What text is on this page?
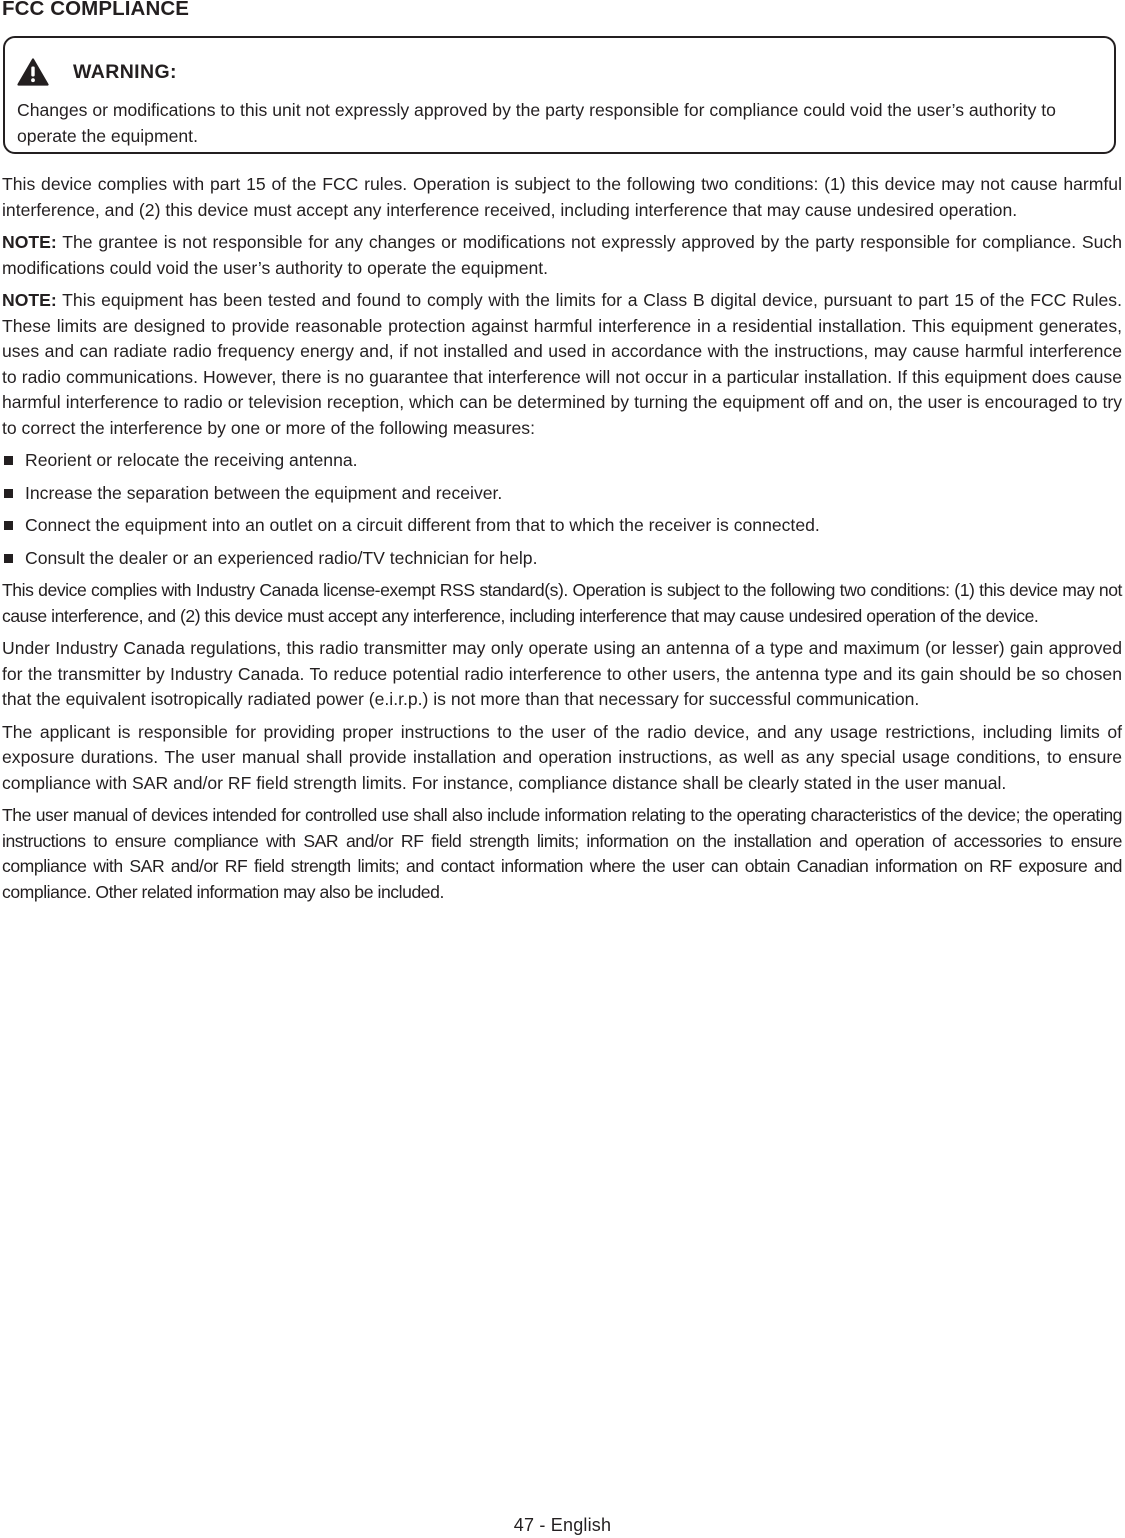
FCC COMPLIANCE
WARNING:

Changes or modifications to this unit not expressly approved by the party responsible for compliance could void the user’s authority to operate the equipment.

This device complies with part 15 of the FCC rules. Operation is subject to the following two conditions: (1) this device may not cause harmful interference, and (2) this device must accept any interference received, including interference that may cause undesired operation.

NOTE: The grantee is not responsible for any changes or modifications not expressly approved by the party responsible for compliance. Such modifications could void the user’s authority to operate the equipment.

NOTE: This equipment has been tested and found to comply with the limits for a Class B digital device, pursuant to part 15 of the FCC Rules. These limits are designed to provide reasonable protection against harmful interference in a residential installation. This equipment generates, uses and can radiate radio frequency energy and, if not installed and used in accordance with the instructions, may cause harmful interference to radio communications. However, there is no guarantee that interference will not occur in a particular installation. If this equipment does cause harmful interference to radio or television reception, which can be determined by turning the equipment off and on, the user is encouraged to try to correct the interference by one or more of the following measures:

Reorient or relocate the receiving antenna.
Increase the separation between the equipment and receiver.
Connect the equipment into an outlet on a circuit different from that to which the receiver is connected.
Consult the dealer or an experienced radio/TV technician for help.

This device complies with Industry Canada license-exempt RSS standard(s). Operation is subject to the following two conditions: (1) this device may not cause interference, and (2) this device must accept any interference, including interference that may cause undesired operation of the device.

Under Industry Canada regulations, this radio transmitter may only operate using an antenna of a type and maximum (or lesser) gain approved for the transmitter by Industry Canada. To reduce potential radio interference to other users, the antenna type and its gain should be so chosen that the equivalent isotropically radiated power (e.i.r.p.) is not more than that necessary for successful communication.

The applicant is responsible for providing proper instructions to the user of the radio device, and any usage restrictions, including limits of exposure durations. The user manual shall provide installation and operation instructions, as well as any special usage conditions, to ensure compliance with SAR and/or RF field strength limits. For instance, compliance distance shall be clearly stated in the user manual.

The user manual of devices intended for controlled use shall also include information relating to the operating characteristics of the device; the operating instructions to ensure compliance with SAR and/or RF field strength limits; information on the installation and operation of accessories to ensure compliance with SAR and/or RF field strength limits; and contact information where the user can obtain Canadian information on RF exposure and compliance. Other related information may also be included.

47 - English
